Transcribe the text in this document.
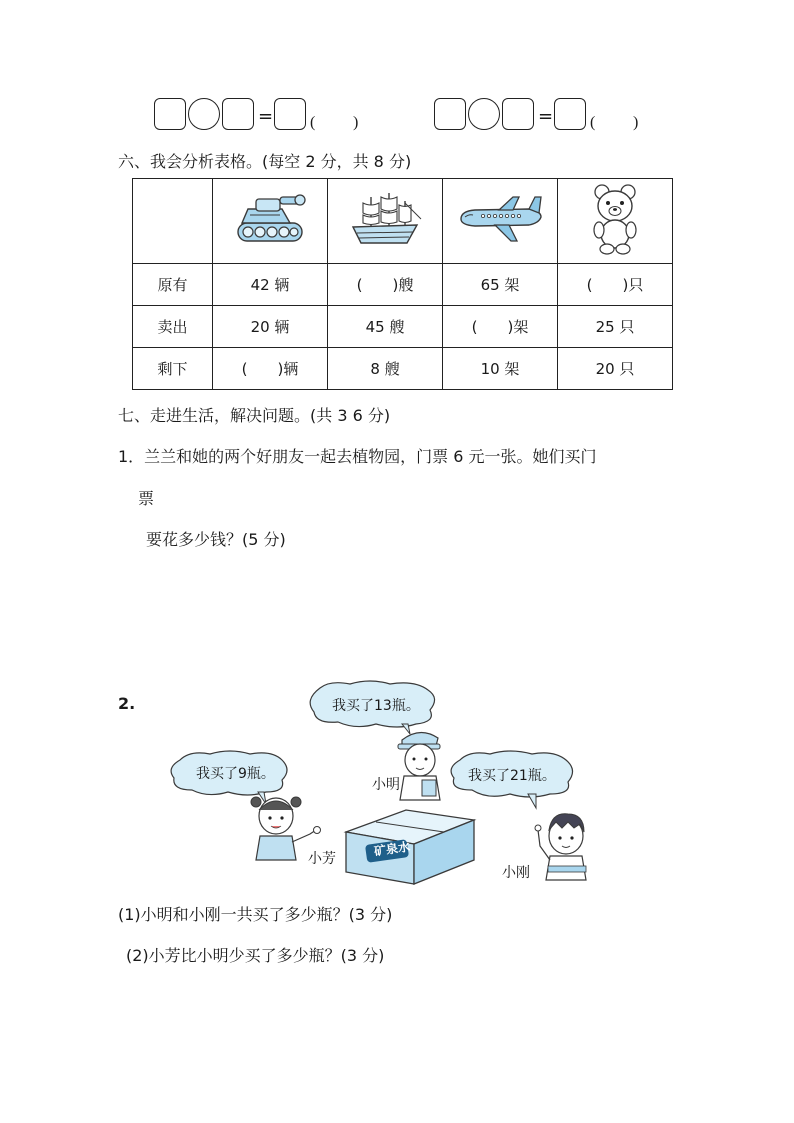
= ( )	= ( )
六、我会分析表格。(每空 2 分，共 8 分)

原有	42 辆	(　　)艘	65 架	(　　)只
卖出	20 辆	45 艘	(　　)架	25 只
剩下	(　　)辆	8 艘	10 架	20 只
七、走进生活，解决问题。(共 3 6 分)
1．兰兰和她的两个好朋友一起去植物园，门票 6 元一张。她们买门
票
要花多少钱？(5 分)
2.	我买了13瓶。
我买了9瓶。	我买了21瓶。
小明
小芳
小刚
矿泉水
(1)小明和小刚一共买了多少瓶？(3 分)
(2)小芳比小明少买了多少瓶？(3 分)
